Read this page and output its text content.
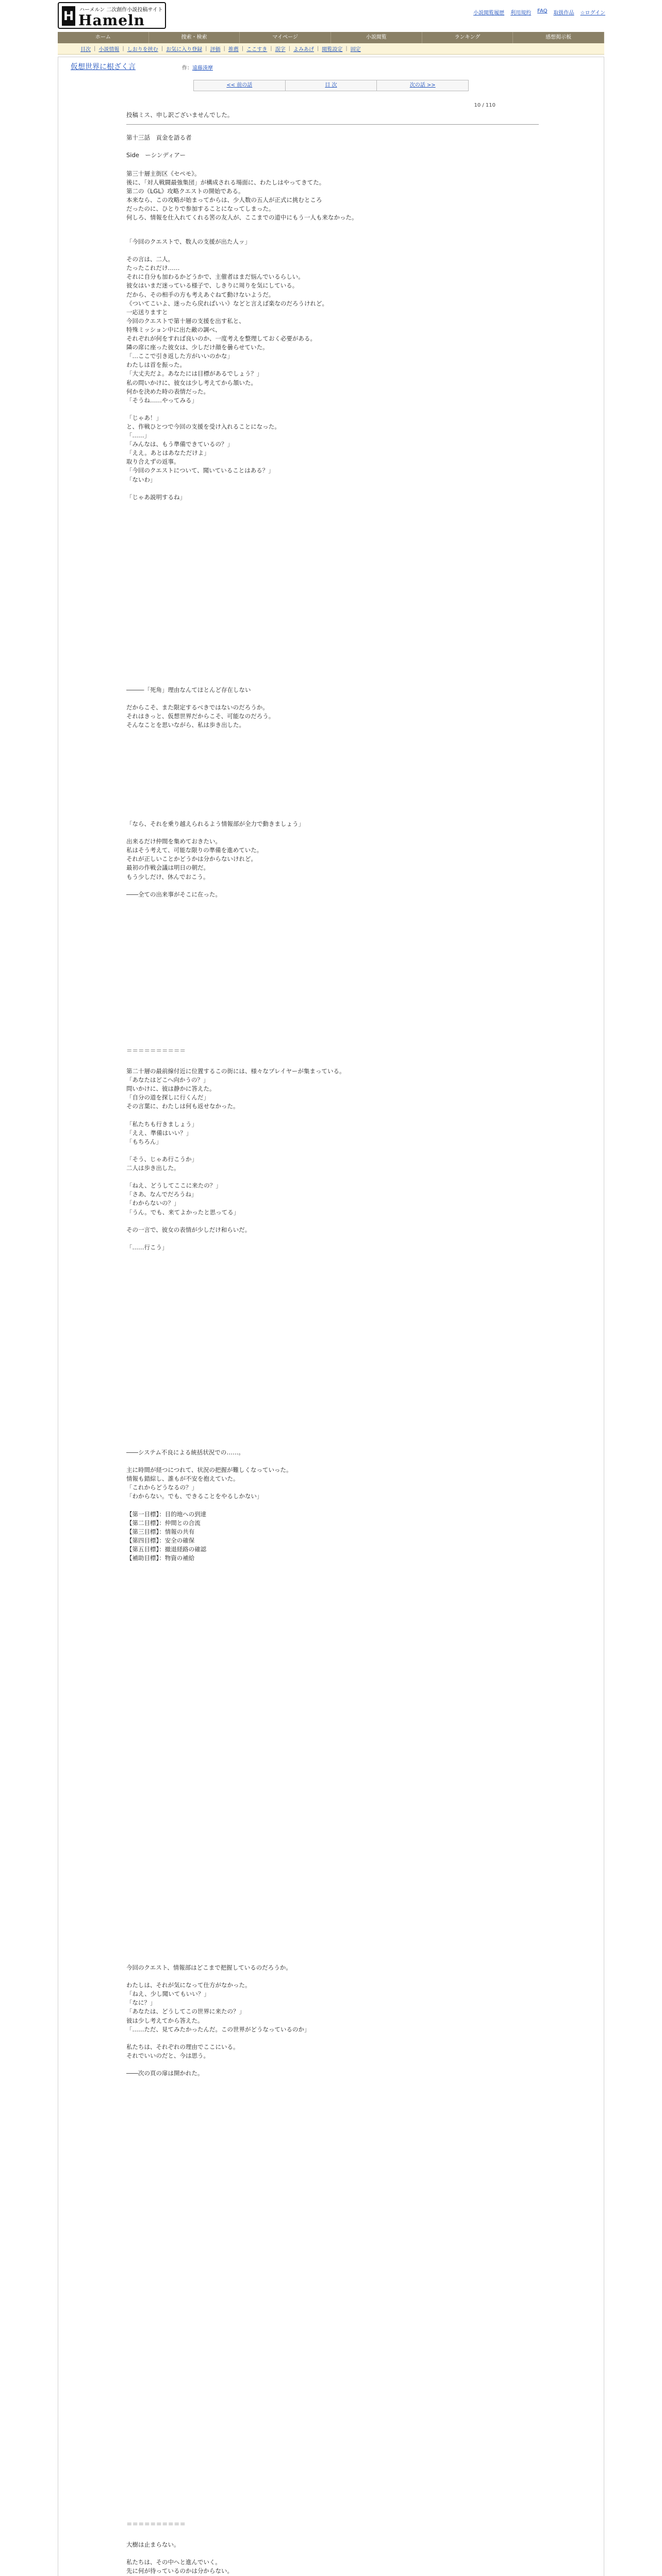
H ハーメルン 二次創作小説投稿サイト
Hameln	小説閲覧履歴 利用規約 FAQ 取扱作品 ☆ログイン
ホーム	捜索・検索	マイページ	小説閲覧	ランキング	感想掲示板
目次 | 小説情報 | しおりを挟む | お気に入り登録 | 評価 | 推薦 | ここすき | 誤字 | よみあげ | 閲覧設定 | 固定
仮想世界に根ざく言	作：遠藤湊摩
<< 前の話	目 次	次の話 >>
10 / 110
投稿ミス、申し訳ございませんでした。
第十三話　貢金を語る者
Side　ーシンディアー
第三十層主街区《セペモ》。
後に、「対人戦闘最強集団」が構成される場面に、わたしはやってきてた。
第二の《LGL》攻略クエストの開始である。
本来なら、この攻略が始まってからは、少人数の五人が正式に挑むところ
だったのに、ひとりで参加することになってしまった。
何しろ、情報を仕入れてくれる筈の友人が、ここまでの道中にもう一人も来なかった。
「今回のクエストで、数人の支援が出た人ッ」

その言は、二人。
たったこれだけ……
それに自分も加わるかどうかで、主催者はまだ悩んでいるらしい。
彼女はいまだ迷っている様子で、しきりに周りを気にしている。
だから、その相手の方も考えあぐねて動けないようだ。
《ついてこいよ、迷ったら戻ればいい》などと言えば楽なのだろうけれど。
一応送りますと
今回のクエストで第十層の支援を出す私と、
特殊ミッション中に出た敵の調べ、
それぞれが何をすれば良いのか、一度考えを整理しておく必要がある。
隣の席に座った彼女は、少しだけ顔を曇らせていた。
「…ここで引き返した方がいいのかな」
わたしは首を振った。
「大丈夫だよ。あなたには目標があるでしょう？」
私の問いかけに、彼女は少し考えてから頷いた。
何かを決めた時の表情だった。
「そうね……やってみる」

「じゃあ！」
と、作戦ひとつで今回の支援を受け入れることになった。
「……」
「みんなは、もう準備できているの？」
「ええ。あとはあなただけよ」
取り合えずの返事。
「今回のクエストについて、聞いていることはある？」
「ないわ」

「じゃあ説明するね」
―――「死角」理由なんてほとんど存在しない

だからこそ、また限定するべきではないのだろうか。
それはきっと、仮想世界だからこそ、可能なのだろう。
そんなことを思いながら、私は歩き出した。
「なら、それを乗り越えられるよう情報部が全力で動きましょう」

出来るだけ仲間を集めておきたい。
私はそう考えて、可能な限りの準備を進めていた。
それが正しいことかどうかは分からないけれど。
最初の作戦会議は明日の朝だ。
もう少しだけ、休んでおこう。

――全ての出来事がそこに在った。
＝＝＝＝＝＝＝＝＝＝
第二十層の最前線付近に位置するこの街には、様々なプレイヤーが集まっている。
「あなたはどこへ向かうの？」
問いかけに、彼は静かに答えた。
「自分の道を探しに行くんだ」
その言葉に、わたしは何も返せなかった。

「私たちも行きましょう」
「ええ、準備はいい？」
「もちろん」

「そう、じゃあ行こうか」
二人は歩き出した。

「ねえ、どうしてここに来たの？」
「さあ、なんでだろうね」
「わからないの？」
「うん。でも、来てよかったと思ってる」

その一言で、彼女の表情が少しだけ和らいだ。

「……行こう」
――システム不良による統括状況での……。

主に時間が経つにつれて、状況の把握が難しくなっていった。
情報も錯綜し、誰もが不安を抱えていた。
「これからどうなるの？」
「わからない。でも、できることをやるしかない」

【第一目標】：目的地への到達
【第二目標】：仲間との合流
【第三目標】：情報の共有
【第四目標】：安全の確保
【第五目標】：撤退経路の確認
【補助目標】：物資の補給
今回のクエスト、情報部はどこまで把握しているのだろうか。

わたしは、それが気になって仕方がなかった。
「ねえ、少し聞いてもいい？」
「なに？」
「あなたは、どうしてこの世界に来たの？」
彼は少し考えてから答えた。
「……ただ、見てみたかったんだ。この世界がどうなっているのか」

私たちは、それぞれの理由でここにいる。
それでいいのだと、今は思う。

――次の頁の扉は開かれた。
＝＝＝＝＝＝＝＝＝＝
大樹は止まらない。

私たちは、その中へと進んでいく。
先に何が待っているのかは分からない。
